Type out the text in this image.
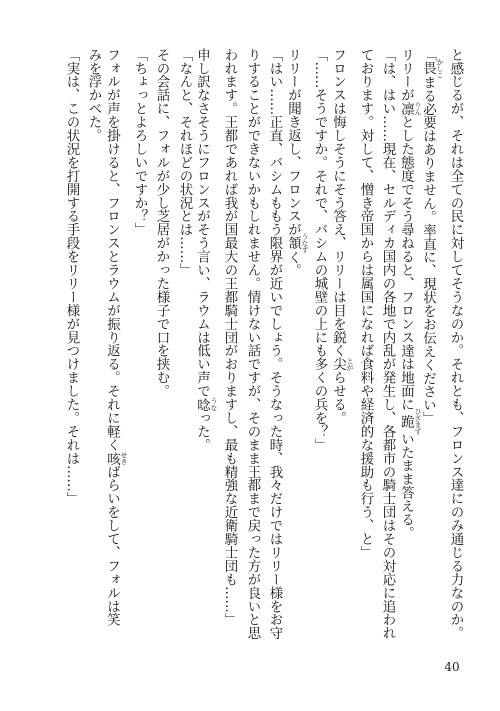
と感じるが、それは全ての民に対してそうなのか。それとも、フロンス達にのみ通じる力なのか。
「畏 かしこまる必要はありません。率直に、現状をお伝えください」
リリーが凛 りんとした態度でそう尋ねると、フロンス達は地面に跪 ひざまずいたまま答える。
「は、はい……現在、セルディカ国内の各地で内乱が発生し、各都市の騎士団はその対応に追われ
ております。対して、憎き帝国からは属国になれば食料や経済的な援助も行う、と」
フロンスは悔しそうにそう答え、リリーは目を鋭く尖 とがらせる。
「……そうですか。それで、バシムの城壁の上にも多くの兵を？」
リリーが聞き返し、フロンスが頷 うなずく。
「はい……正直、バシムももう限界が近いでしょう。そうなった時、我々だけではリリー様をお守
りすることができないかもしれません。情けない話ですが、そのまま王都まで戻った方が良いと思
われます。王都であれば我が国最大の王都騎士団がおりますし、最も精強な近衛騎士団も……」
申し訳なさそうにフロンスがそう言い、ラウムは低い声で唸 うなった。
「なんと、それほどの状況とは……」
その会話に、フォルが少し芝居がかった様子で口を挟む。
「ちょっとよろしいですか？」
フォルが声を掛けると、フロンスとラウムが振り返る。それに軽く咳 せきばらいをして、フォルは笑
みを浮かべた。
「実は、この状況を打開する手段をリリー様が見つけました。それは……」
40
